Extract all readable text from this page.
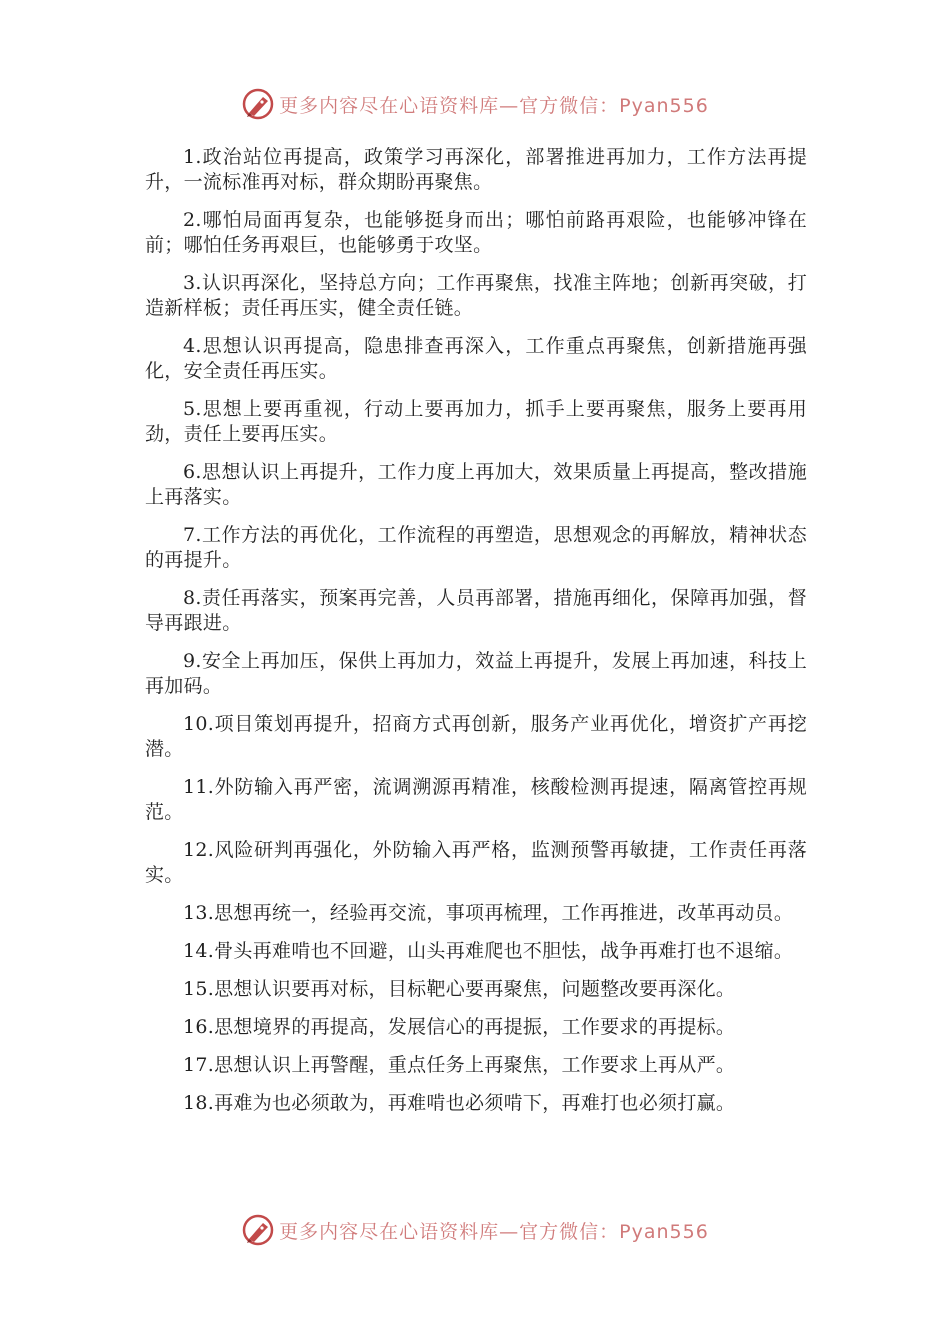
更多内容尽在心语资料库—官方微信：Pyan556

1.政治站位再提高，政策学习再深化，部署推进再加力，工作方法再提升，一流标准再对标，群众期盼再聚焦。

2.哪怕局面再复杂，也能够挺身而出；哪怕前路再艰险，也能够冲锋在前；哪怕任务再艰巨，也能够勇于攻坚。

3.认识再深化，坚持总方向；工作再聚焦，找准主阵地；创新再突破，打造新样板；责任再压实，健全责任链。

4.思想认识再提高，隐患排查再深入，工作重点再聚焦，创新措施再强化，安全责任再压实。

5.思想上要再重视，行动上要再加力，抓手上要再聚焦，服务上要再用劲，责任上要再压实。

6.思想认识上再提升，工作力度上再加大，效果质量上再提高，整改措施上再落实。

7.工作方法的再优化，工作流程的再塑造，思想观念的再解放，精神状态的再提升。

8.责任再落实，预案再完善，人员再部署，措施再细化，保障再加强，督导再跟进。

9.安全上再加压，保供上再加力，效益上再提升，发展上再加速，科技上再加码。

10.项目策划再提升，招商方式再创新，服务产业再优化，增资扩产再挖潜。

11.外防输入再严密，流调溯源再精准，核酸检测再提速，隔离管控再规范。

12.风险研判再强化，外防输入再严格，监测预警再敏捷，工作责任再落实。

13.思想再统一，经验再交流，事项再梳理，工作再推进，改革再动员。

14.骨头再难啃也不回避，山头再难爬也不胆怯，战争再难打也不退缩。

15.思想认识要再对标，目标靶心要再聚焦，问题整改要再深化。

16.思想境界的再提高，发展信心的再提振，工作要求的再提标。

17.思想认识上再警醒，重点任务上再聚焦，工作要求上再从严。

18.再难为也必须敢为，再难啃也必须啃下，再难打也必须打赢。

更多内容尽在心语资料库—官方微信：Pyan556
